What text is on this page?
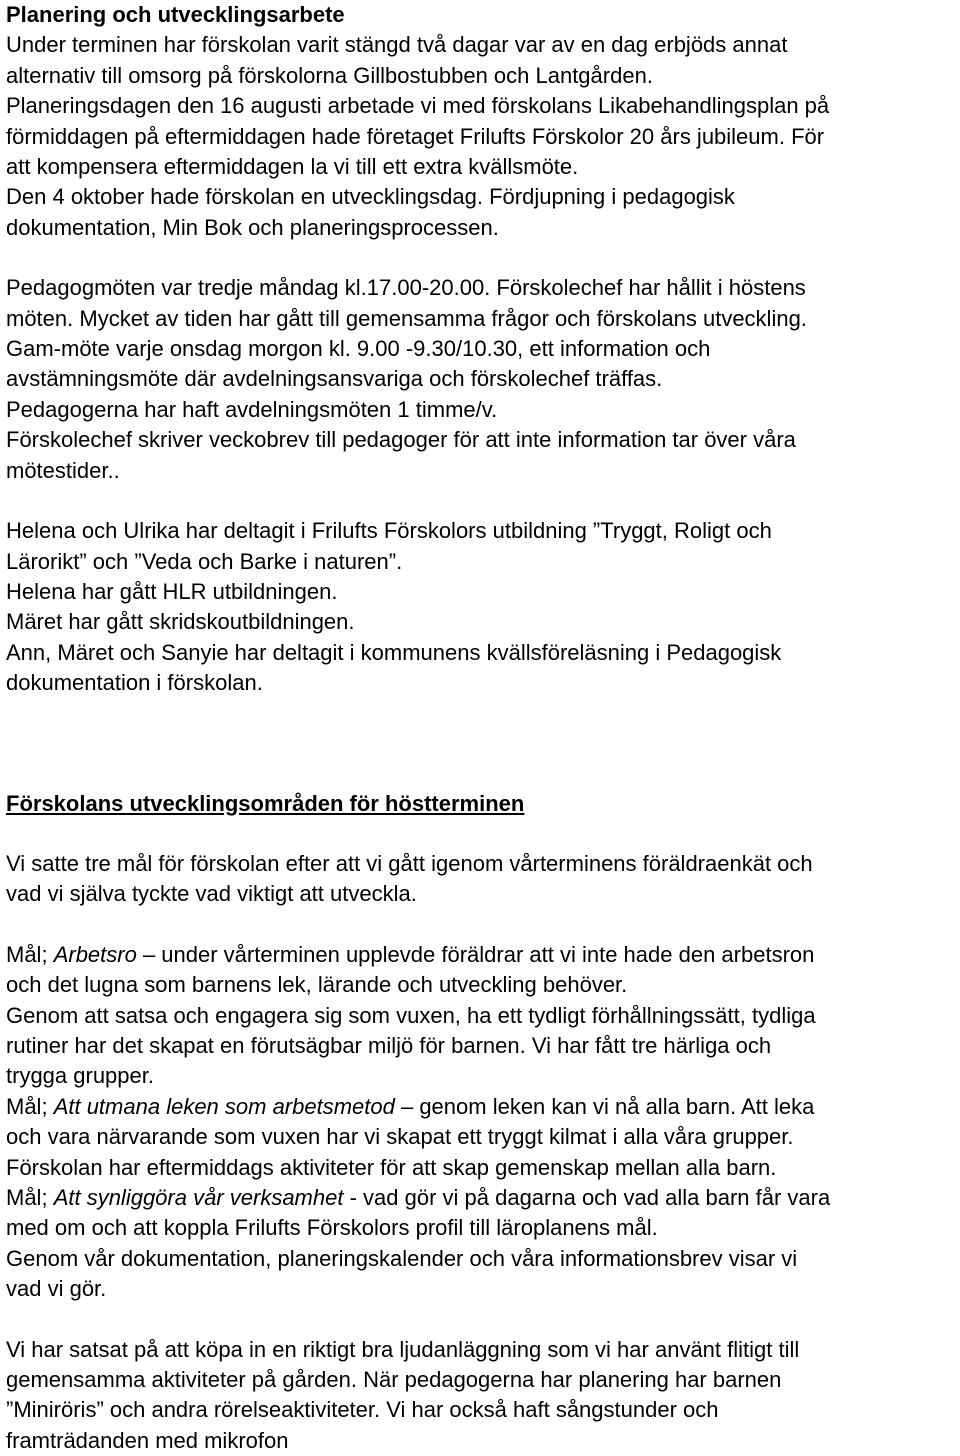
Planering och utvecklingsarbete

Under terminen har förskolan varit stängd två dagar var av en dag erbjöds annat

alternativ till omsorg på förskolorna Gillbostubben och Lantgården.

Planeringsdagen den 16 augusti arbetade vi med förskolans Likabehandlingsplan på

förmiddagen på eftermiddagen hade företaget Frilufts Förskolor 20 års jubileum. För

att kompensera eftermiddagen la vi till ett extra kvällsmöte.

Den 4 oktober hade förskolan en utvecklingsdag. Fördjupning i pedagogisk

dokumentation, Min Bok och planeringsprocessen.

Pedagogmöten var tredje måndag kl.17.00-20.00. Förskolechef har hållit i höstens

möten. Mycket av tiden har gått till gemensamma frågor och förskolans utveckling.

Gam-möte varje onsdag morgon kl. 9.00 -9.30/10.30, ett information och

avstämningsmöte där avdelningsansvariga och förskolechef träffas.

Pedagogerna har haft avdelningsmöten 1 timme/v.

Förskolechef skriver veckobrev till pedagoger för att inte information tar över våra

mötestider..

Helena och Ulrika har deltagit i Frilufts Förskolors utbildning ”Tryggt, Roligt och

Lärorikt” och ”Veda och Barke i naturen”.

Helena har gått HLR utbildningen.

Märet har gått skridskoutbildningen.

Ann, Märet och Sanyie har deltagit i kommunens kvällsföreläsning i Pedagogisk

dokumentation i förskolan.

Förskolans utvecklingsområden för höstterminen

Vi satte tre mål för förskolan efter att vi gått igenom vårterminens föräldraenkät och

vad vi själva tyckte vad viktigt att utveckla.

Mål; Arbetsro – under vårterminen upplevde föräldrar att vi inte hade den arbetsron

och det lugna som barnens lek, lärande och utveckling behöver.

Genom att satsa och engagera sig som vuxen, ha ett tydligt förhållningssätt, tydliga

rutiner har det skapat en förutsägbar miljö för barnen. Vi har fått tre härliga och

trygga grupper.

Mål; Att utmana leken som arbetsmetod – genom leken kan vi nå alla barn. Att leka

och vara närvarande som vuxen har vi skapat ett tryggt kilmat i alla våra grupper.

Förskolan har eftermiddags aktiviteter för att skap gemenskap mellan alla barn.

Mål; Att synliggöra vår verksamhet - vad gör vi på dagarna och vad alla barn får vara

med om och att koppla Frilufts Förskolors profil till läroplanens mål.

Genom vår dokumentation, planeringskalender och våra informationsbrev visar vi

vad vi gör.

Vi har satsat på att köpa in en riktigt bra ljudanläggning som vi har använt flitigt till

gemensamma aktiviteter på gården. När pedagogerna har planering har barnen

”Miniröris” och andra rörelseaktiviteter. Vi har också haft sångstunder och

framträdanden med mikrofon
